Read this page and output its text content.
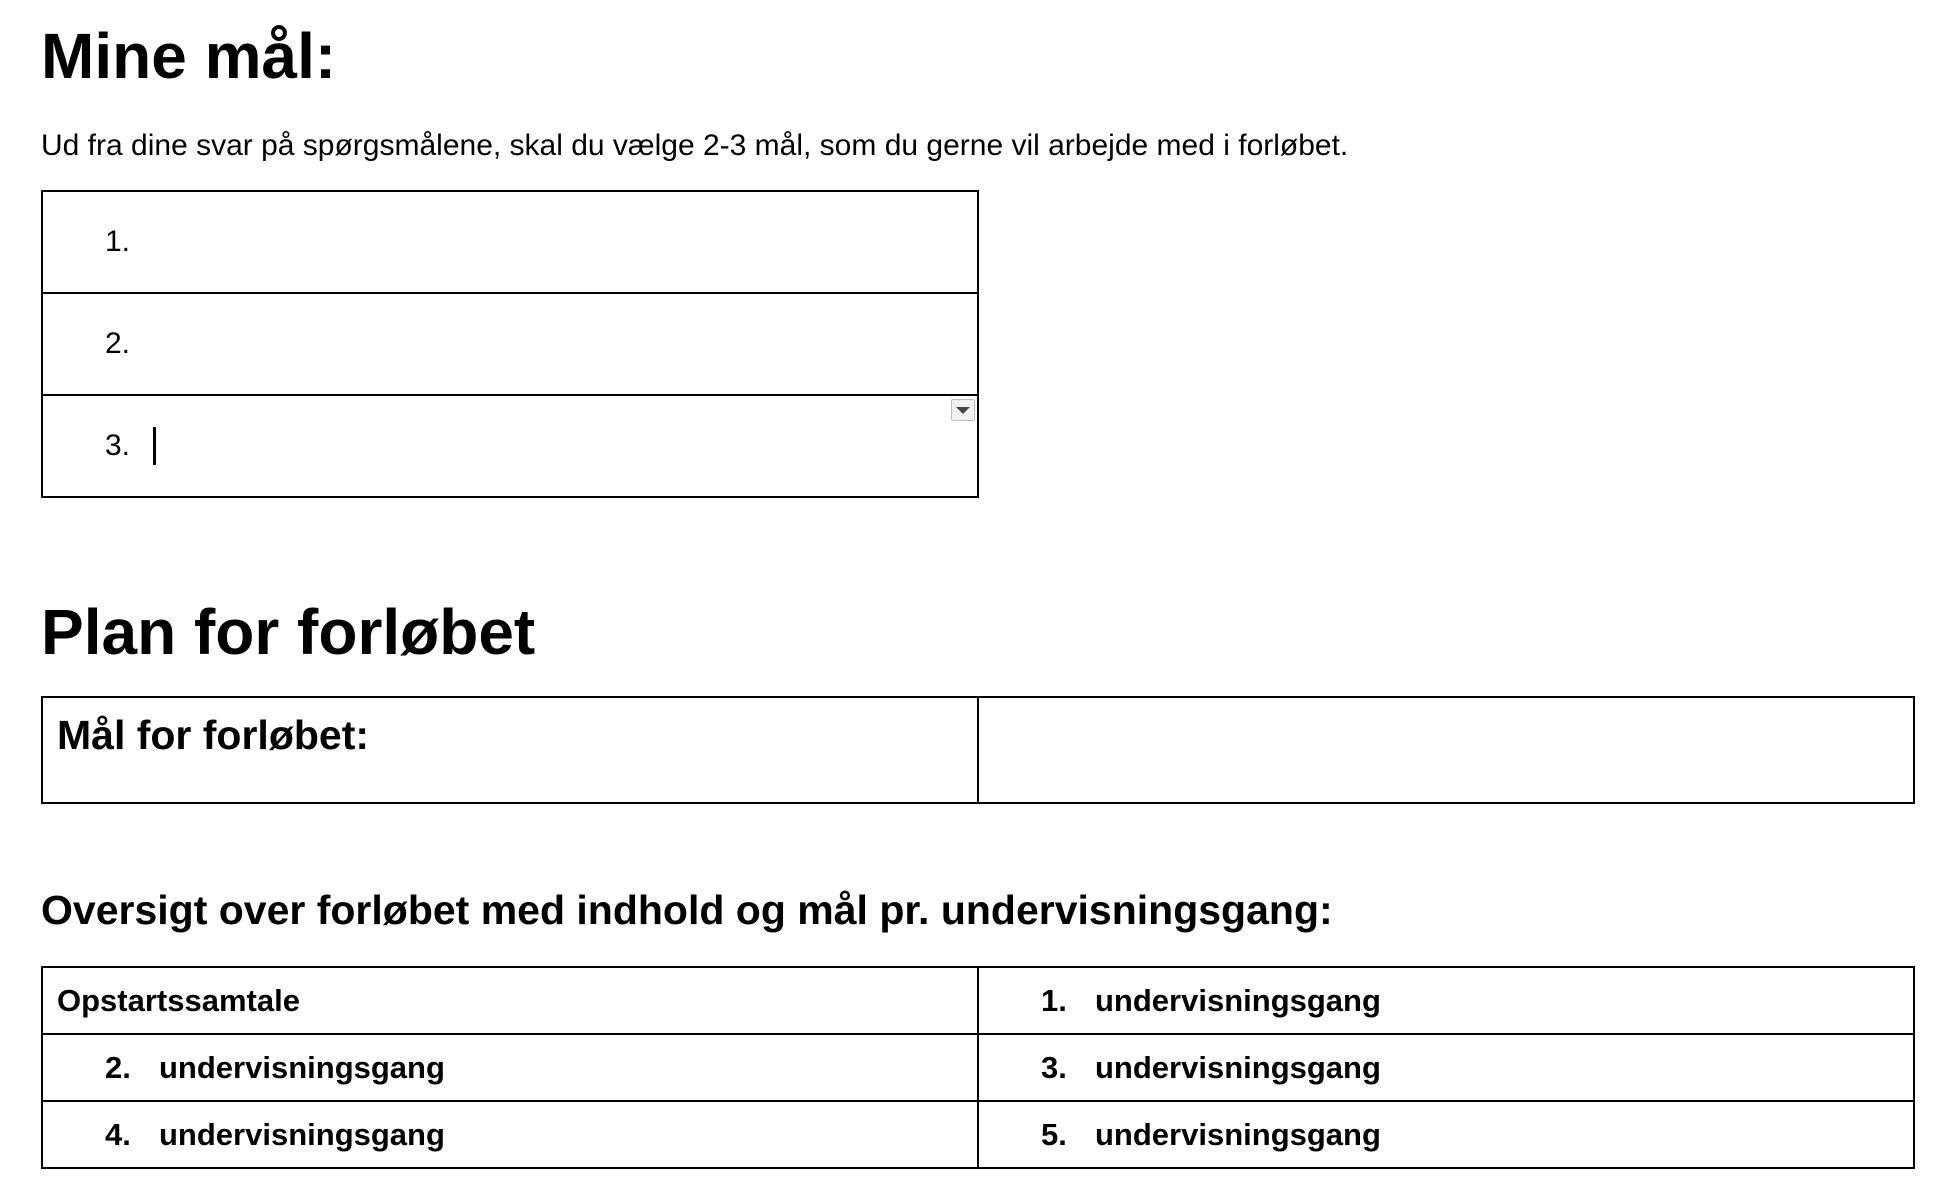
Mine mål:
Ud fra dine svar på spørgsmålene, skal du vælge 2-3 mål, som du gerne vil arbejde med i forløbet.
1.

2.

3.
Plan for forløbet
Mål for forløbet:

Oversigt over forløbet med indhold og mål pr. undervisningsgang:
Opstartssamtale	1. undervisningsgang

2. undervisningsgang	3. undervisningsgang

4. undervisningsgang	5. undervisningsgang
